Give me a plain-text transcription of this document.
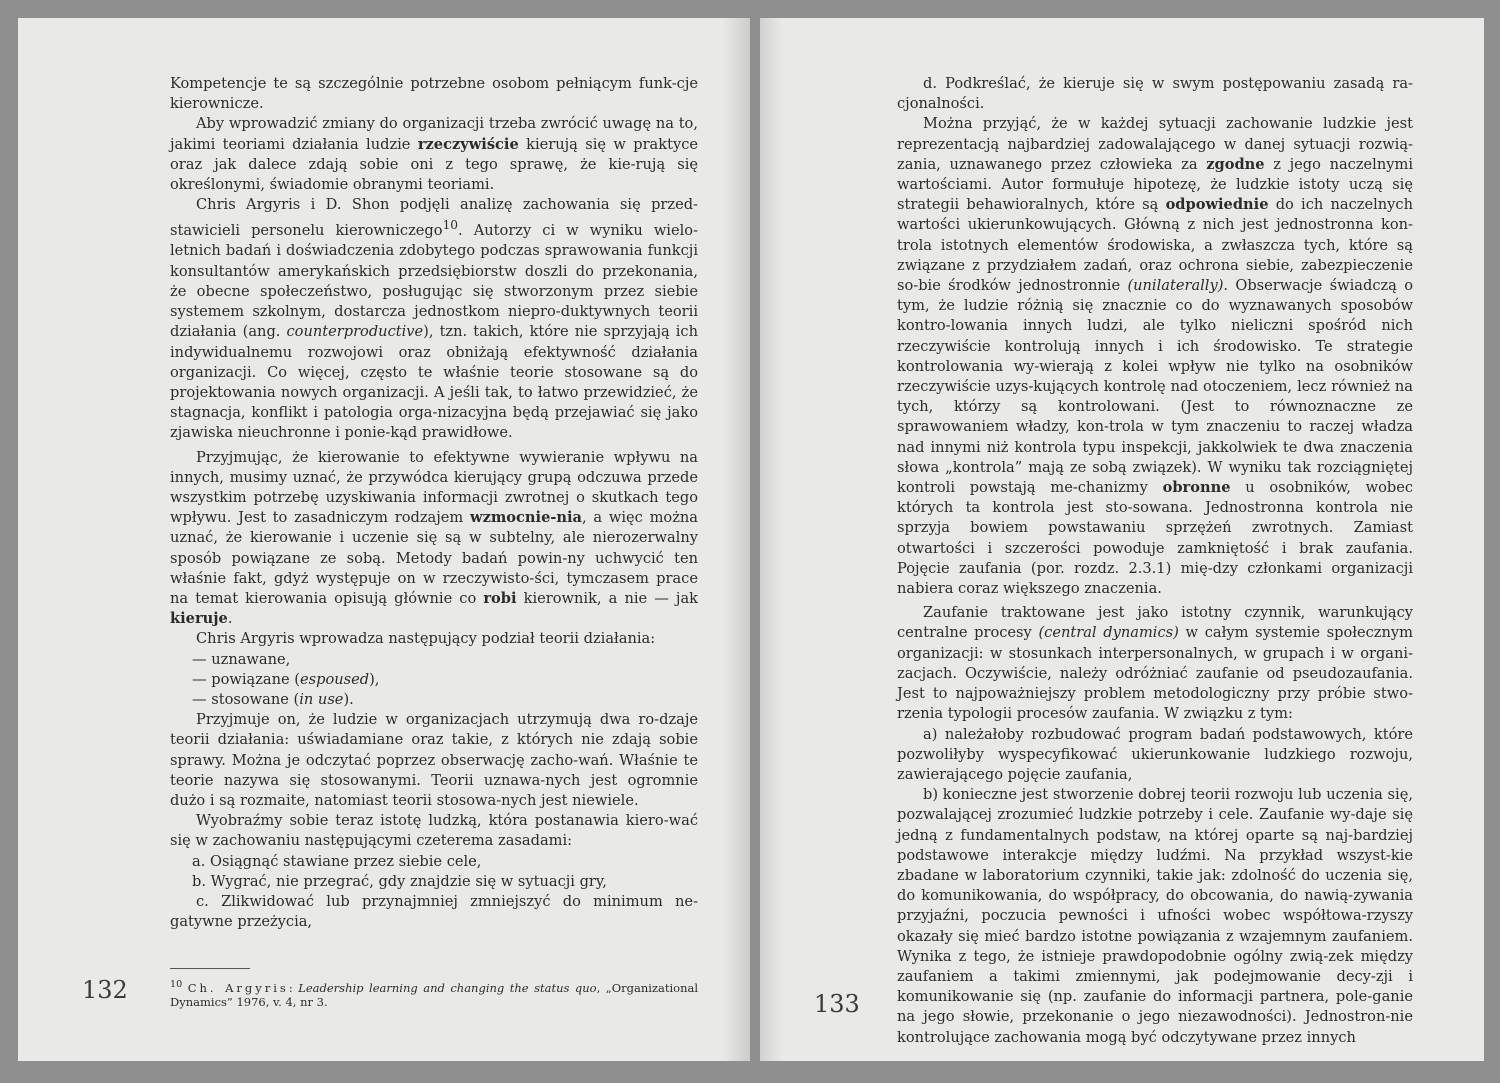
Kompetencje te są szczególnie potrzebne osobom pełniącym funk-cje kierownicze.

Aby wprowadzić zmiany do organizacji trzeba zwrócić uwagę na to, jakimi teoriami działania ludzie rzeczywiście kierują się w praktyce oraz jak dalece zdają sobie oni z tego sprawę, że kie-rują się określonymi, świadomie obranymi teoriami.

Chris Argyris i D. Shon podjęli analizę zachowania się przed-stawicieli personelu kierowniczego$^{10}$. Autorzy ci w wyniku wielo-letnich badań i doświadczenia zdobytego podczas sprawowania funkcji konsultantów amerykańskich przedsiębiorstw doszli do przekonania, że obecne społeczeństwo, posługując się stworzonym przez siebie systemem szkolnym, dostarcza jednostkom niepro-duktywnych teorii działania (ang. counterproductive), tzn. takich, które nie sprzyjają ich indywidualnemu rozwojowi oraz obniżają efektywność działania organizacji. Co więcej, często te właśnie teorie stosowane są do projektowania nowych organizacji. A jeśli tak, to łatwo przewidzieć, że stagnacja, konflikt i patologia orga-nizacyjna będą przejawiać się jako zjawiska nieuchronne i ponie-kąd prawidłowe.

Przyjmując, że kierowanie to efektywne wywieranie wpływu na innych, musimy uznać, że przywódca kierujący grupą odczuwa przede wszystkim potrzebę uzyskiwania informacji zwrotnej o skutkach tego wpływu. Jest to zasadniczym rodzajem wzmocnie-nia, a więc można uznać, że kierowanie i uczenie się są w subtelny, ale nierozerwalny sposób powiązane ze sobą. Metody badań powin-ny uchwycić ten właśnie fakt, gdyż występuje on w rzeczywisto-ści, tymczasem prace na temat kierowania opisują głównie co robi kierownik, a nie — jak kieruje.

Chris Argyris wprowadza następujący podział teorii działania:

— uznawane,

— powiązane (espoused),

— stosowane (in use).

Przyjmuje on, że ludzie w organizacjach utrzymują dwa ro-dzaje teorii działania: uświadamiane oraz takie, z których nie zdają sobie sprawy. Można je odczytać poprzez obserwację zacho-wań. Właśnie te teorie nazywa się stosowanymi. Teorii uznawa-nych jest ogromnie dużo i są rozmaite, natomiast teorii stosowa-nych jest niewiele.

Wyobraźmy sobie teraz istotę ludzką, która postanawia kiero-wać się w zachowaniu następującymi czeterema zasadami:

a. Osiągnąć stawiane przez siebie cele,

b. Wygrać, nie przegrać, gdy znajdzie się w sytuacji gry,

c. Zlikwidować lub przynajmniej zmniejszyć do minimum ne-gatywne przeżycia,

$^{10}$ Ch. Argyris: Leadership learning and changing the status quo, „Organizational Dynamics” 1976, v. 4, nr 3.
132

d. Podkreślać, że kieruje się w swym postępowaniu zasadą ra-cjonalności.

Można przyjąć, że w każdej sytuacji zachowanie ludzkie jest reprezentacją najbardziej zadowalającego w danej sytuacji rozwią-zania, uznawanego przez człowieka za zgodne z jego naczelnymi wartościami. Autor formułuje hipotezę, że ludzkie istoty uczą się strategii behawioralnych, które są odpowiednie do ich naczelnych wartości ukierunkowujących. Główną z nich jest jednostronna kon-trola istotnych elementów środowiska, a zwłaszcza tych, które są związane z przydziałem zadań, oraz ochrona siebie, zabezpieczenie so-bie środków jednostronnie (unilaterally). Obserwacje świadczą o tym, że ludzie różnią się znacznie co do wyznawanych sposobów kontro-lowania innych ludzi, ale tylko nieliczni spośród nich rzeczywiście kontrolują innych i ich środowisko. Te strategie kontrolowania wy-wierają z kolei wpływ nie tylko na osobników rzeczywiście uzys-kujących kontrolę nad otoczeniem, lecz również na tych, którzy są kontrolowani. (Jest to równoznaczne ze sprawowaniem władzy, kon-trola w tym znaczeniu to raczej władza nad innymi niż kontrola typu inspekcji, jakkolwiek te dwa znaczenia słowa „kontrola” mają ze sobą związek). W wyniku tak rozciągniętej kontroli powstają me-chanizmy obronne u osobników, wobec których ta kontrola jest sto-sowana. Jednostronna kontrola nie sprzyja bowiem powstawaniu sprzężeń zwrotnych. Zamiast otwartości i szczerości powoduje zamkniętość i brak zaufania. Pojęcie zaufania (por. rozdz. 2.3.1) mię-dzy członkami organizacji nabiera coraz większego znaczenia.

Zaufanie traktowane jest jako istotny czynnik, warunkujący centralne procesy (central dynamics) w całym systemie społecznym organizacji: w stosunkach interpersonalnych, w grupach i w organi-zacjach. Oczywiście, należy odróżniać zaufanie od pseudozaufania. Jest to najpoważniejszy problem metodologiczny przy próbie stwo-rzenia typologii procesów zaufania. W związku z tym:

a) należałoby rozbudować program badań podstawowych, które pozwoliłyby wyspecyfikować ukierunkowanie ludzkiego rozwoju, zawierającego pojęcie zaufania,

b) konieczne jest stworzenie dobrej teorii rozwoju lub uczenia się, pozwalającej zrozumieć ludzkie potrzeby i cele. Zaufanie wy-daje się jedną z fundamentalnych podstaw, na której oparte są naj-bardziej podstawowe interakcje między ludźmi. Na przykład wszyst-kie zbadane w laboratorium czynniki, takie jak: zdolność do uczenia się, do komunikowania, do współpracy, do obcowania, do nawią-zywania przyjaźni, poczucia pewności i ufności wobec współtowa-rzyszy okazały się mieć bardzo istotne powiązania z wzajemnym zaufaniem. Wynika z tego, że istnieje prawdopodobnie ogólny zwią-zek między zaufaniem a takimi zmiennymi, jak podejmowanie decy-zji i komunikowanie się (np. zaufanie do informacji partnera, pole-ganie na jego słowie, przekonanie o jego niezawodności). Jednostron-nie kontrolujące zachowania mogą być odczytywane przez innych

133
